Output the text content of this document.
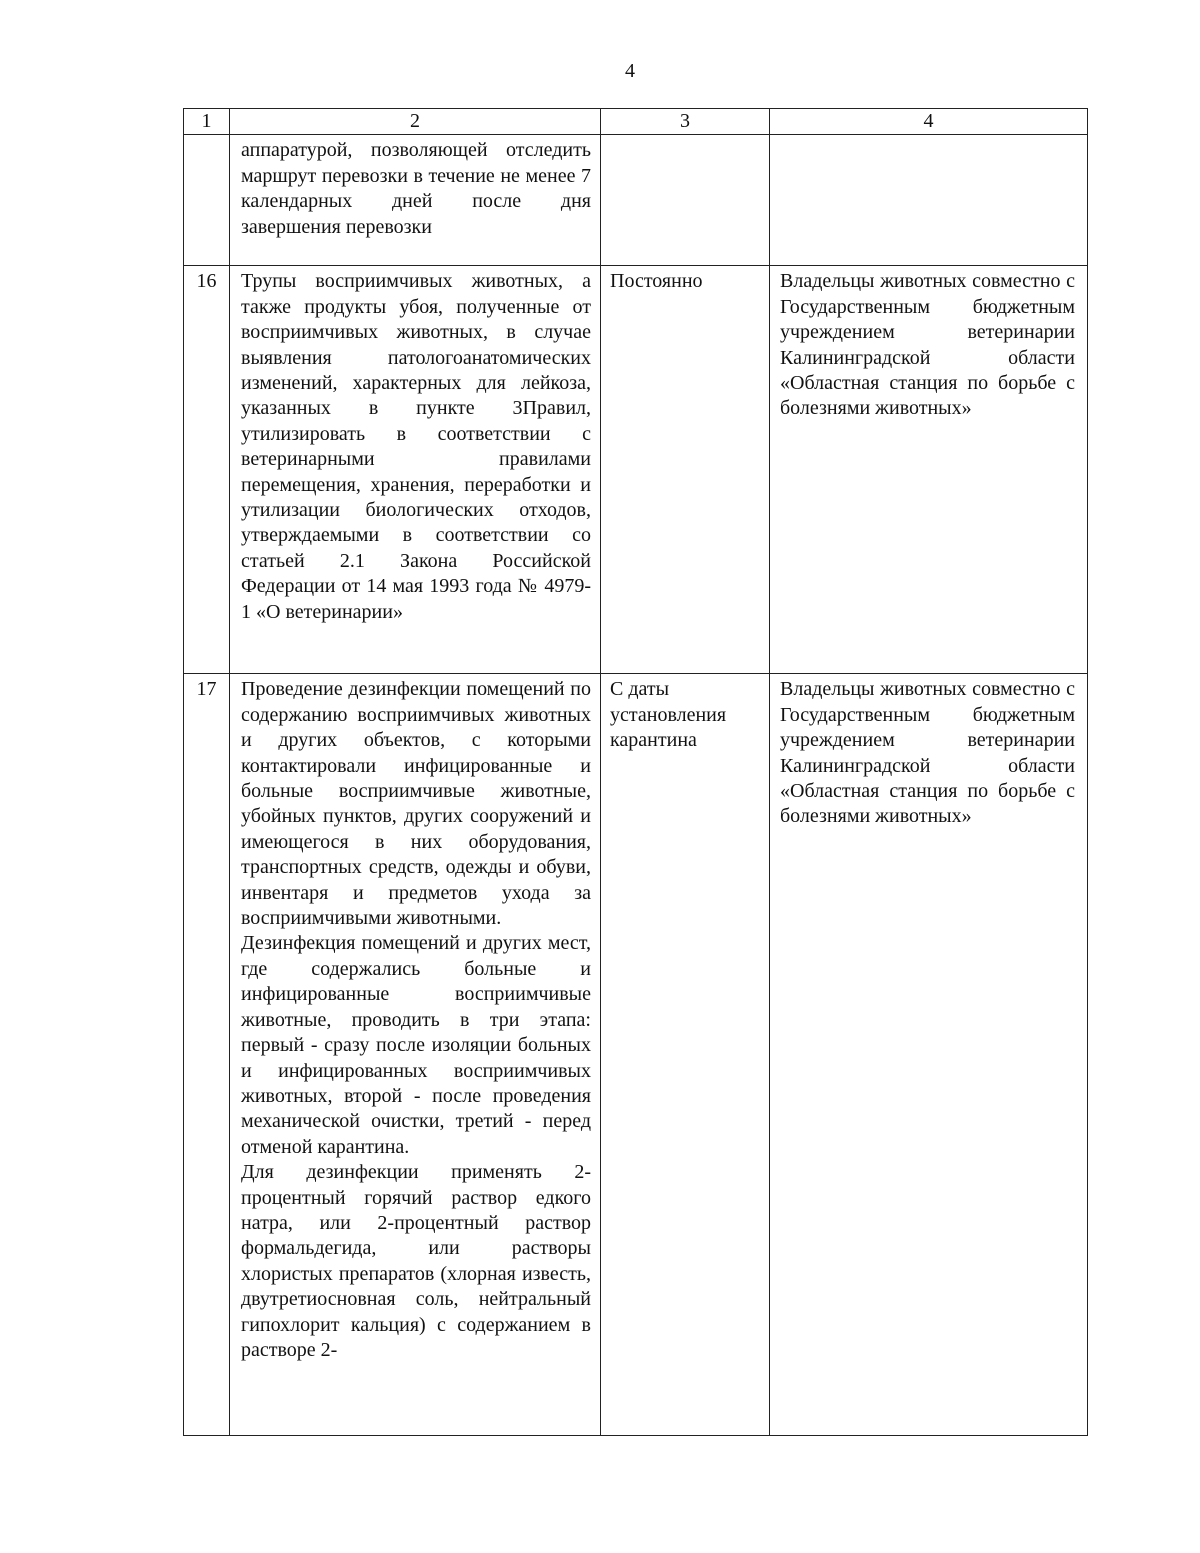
4
1	2	3	4

	аппаратурой, позволяющей отследить маршрут перевозки в течение не менее 7 календарных дней после дня завершения перевозки		

16	Трупы восприимчивых животных, а также продукты убоя, полученные от восприимчивых животных, в случае выявления патологоанатомических изменений, характерных для лейкоза, указанных в пункте 3Правил, утилизировать в соответствии с ветеринарными правилами перемещения, хранения, переработки и утилизации биологических отходов, утверждаемыми в соответствии со статьей 2.1 Закона Российской Федерации от 14 мая 1993 года № 4979-1 «О ветеринарии»	Постоянно	Владельцы животных совместно с Государственным бюджетным учреждением ветеринарии Калининградской области «Областная станция по борьбе с болезнями животных»

17	Проведение дезинфекции помещений по содержанию восприимчивых животных и других объектов, с которыми контактировали инфицированные и больные восприимчивые животные, убойных пунктов, других сооружений и имеющегося в них оборудования, транспортных средств, одежды и обуви, инвентаря и предметов ухода за восприимчивыми животными.
Дезинфекция помещений и других мест, где содержались больные и инфицированные восприимчивые животные, проводить в три этапа: первый - сразу после изоляции больных и инфицированных восприимчивых животных, второй - после проведения механической очистки, третий - перед отменой карантина.
Для дезинфекции применять 2-процентный горячий раствор едкого натра, или 2-процентный раствор формальдегида, или растворы хлористых препаратов (хлорная известь, двутретиосновная соль, нейтральный гипохлорит кальция) с содержанием в растворе 2-	С даты установления карантина	Владельцы животных совместно с Государственным бюджетным учреждением ветеринарии Калининградской области «Областная станция по борьбе с болезнями животных»
